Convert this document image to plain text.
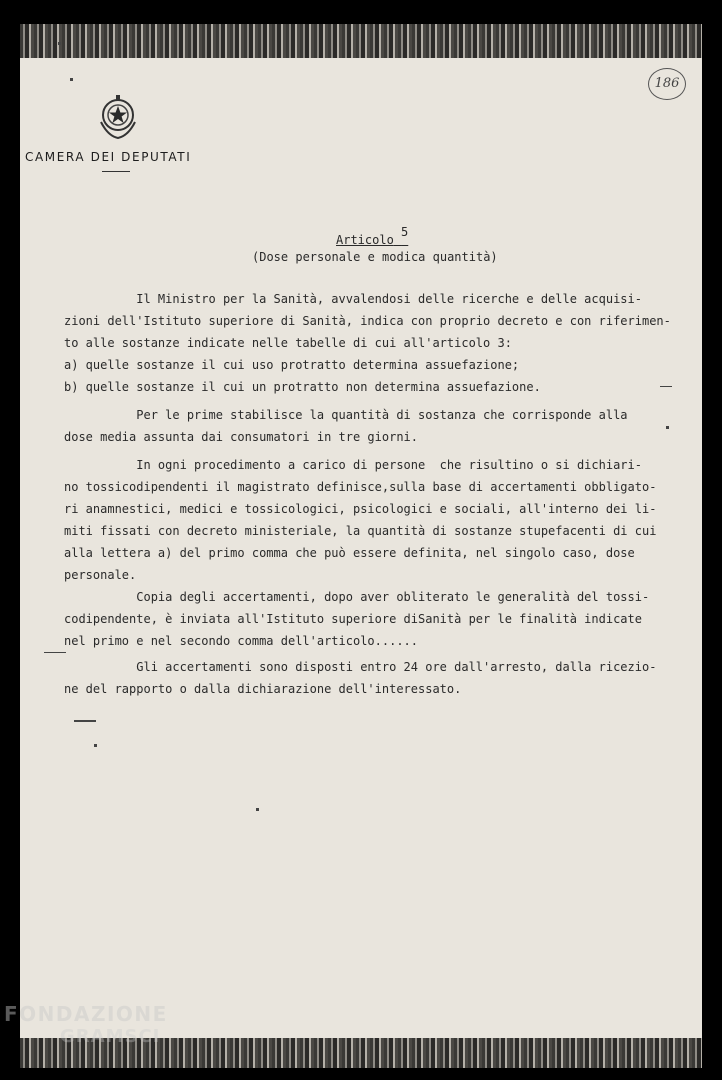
CAMERA DEI DEPUTATI
186
Articolo $^5$
(Dose personale e modica quantità)
Il Ministro per la Sanità, avvalendosi delle ricerche e delle acquisi-
zioni dell'Istituto superiore di Sanità, indica con proprio decreto e con riferimen-
to alle sostanze indicate nelle tabelle di cui all'articolo 3:
a) quelle sostanze il cui uso protratto determina assuefazione;
b) quelle sostanze il cui un protratto non determina assuefazione.
Per le prime stabilisce la quantità di sostanza che corrisponde alla
dose media assunta dai consumatori in tre giorni.
In ogni procedimento a carico di persone  che risultino o si dichiari-
no tossicodipendenti il magistrato definisce,sulla base di accertamenti obbligato-
ri anamnestici, medici e tossicologici, psicologici e sociali, all'interno dei li-
miti fissati con decreto ministeriale, la quantità di sostanze stupefacenti di cui
alla lettera a) del primo comma che può essere definita, nel singolo caso, dose
personale.
Copia degli accertamenti, dopo aver obliterato le generalità del tossi-
codipendente, è inviata all'Istituto superiore diSanità per le finalità indicate
nel primo e nel secondo comma dell'articolo......
Gli accertamenti sono disposti entro 24 ore dall'arresto, dalla ricezio-
ne del rapporto o dalla dichiarazione dell'interessato.
FONDAZIONE
GRAMSCI
